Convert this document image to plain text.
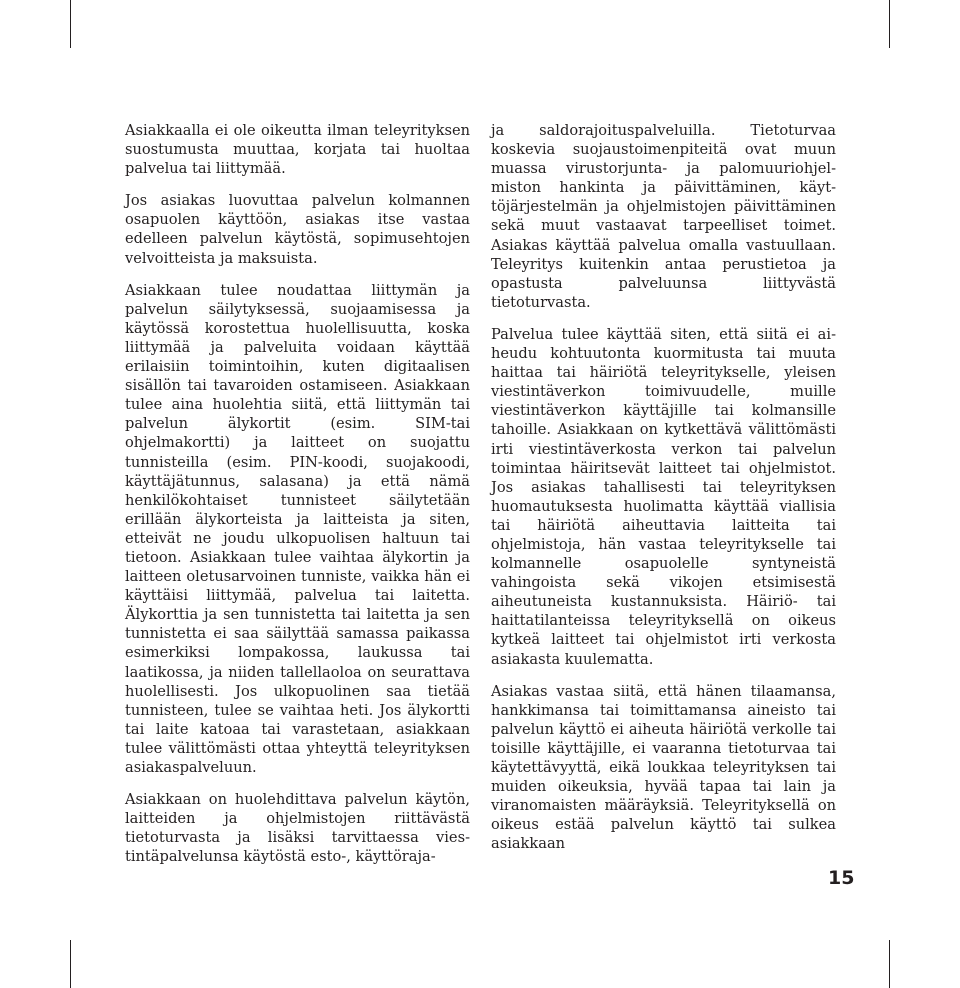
Asiakkaalla ei ole oikeutta ilman teleyrityksen suostumusta muuttaa, korjata tai huoltaa palvelua tai liittymää.

Jos asiakas luovuttaa palvelun kolmannen osapuolen käyttöön, asiakas itse vastaa edelleen palvelun käytöstä, sopimusehtojen velvoitteista ja maksuista.

Asiakkaan tulee noudattaa liittymän ja palvelun säilytyksessä, suojaamisessa ja käytössä korostettua huolellisuutta, koska liittymää ja palveluita voidaan käyttää erilaisiin toimintoihin, kuten digitaalisen sisällön tai tavaroiden ostamiseen. Asiakkaan tulee aina huolehtia siitä, että liittymän tai palvelun älykortit (esim. SIM-tai ohjelmakortti) ja laitteet on suojattu tunnisteilla (esim. PIN-koodi, suojakoodi, käyttäjätunnus, salasana) ja että nämä henkilökohtaiset tunnisteet säilytetään erillään älykorteista ja laitteista ja siten, etteivät ne joudu ulkopuolisen haltuun tai tietoon. Asiakkaan tulee vaihtaa älykortin ja laitteen oletusarvoinen tunniste, vaikka hän ei käyttäisi liittymää, palvelua tai laitetta. Älykorttia ja sen tunnistetta tai laitetta ja sen tunnistetta ei saa säilyttää samassa paikassa esimerkiksi lompakossa, laukussa tai laatikossa, ja niiden tallellaoloa on seurattava huolellisesti. Jos ulkopuolinen saa tietää tunnisteen, tulee se vaihtaa heti. Jos älykortti tai laite katoaa tai varastetaan, asiakkaan tulee välittömästi ottaa yhteyttä teleyrityksen asiakaspalveluun.

Asiakkaan on huolehdittava palvelun käytön, laitteiden ja ohjelmistojen riittävästä tietoturvasta ja lisäksi tarvittaessa viestintäpalvelunsa käytöstä esto-, käyttöraja-

ja saldorajoituspalveluilla. Tietoturvaa koskevia suojaustoimenpiteitä ovat muun muassa virustorjunta- ja palomuuriohjelmiston hankinta ja päivittäminen, käyttöjärjestelmän ja ohjelmistojen päivittäminen sekä muut vastaavat tarpeelliset toimet. Asiakas käyttää palvelua omalla vastuullaan. Teleyritys kuitenkin antaa perustietoa ja opastusta palveluunsa liittyvästä tietoturvasta.

Palvelua tulee käyttää siten, että siitä ei aiheudu kohtuutonta kuormitusta tai muuta haittaa tai häiriötä teleyritykselle, yleisen viestintäverkon toimivuudelle, muille viestintäverkon käyttäjille tai kolmansille tahoille. Asiakkaan on kytkettävä välittömästi irti viestintäverkosta verkon tai palvelun toimintaa häiritsevät laitteet tai ohjelmistot. Jos asiakas tahallisesti tai teleyrityksen huomautuksesta huolimatta käyttää viallisia tai häiriötä aiheuttavia laitteita tai ohjelmistoja, hän vastaa teleyritykselle tai kolmannelle osapuolelle syntyneistä vahingoista sekä vikojen etsimisestä aiheutuneista kustannuksista. Häiriö- tai haittatilanteissa teleyrityksellä on oikeus kytkeä laitteet tai ohjelmistot irti verkosta asiakasta kuulematta.

Asiakas vastaa siitä, että hänen tilaamansa, hankkimansa tai toimittamansa aineisto tai palvelun käyttö ei aiheuta häiriötä verkolle tai toisille käyttäjille, ei vaaranna tietoturvaa tai käytettävyyttä, eikä loukkaa teleyrityksen tai muiden oikeuksia, hyvää tapaa tai lain ja viranomaisten määräyksiä. Teleyrityksellä on oikeus estää palvelun käyttö tai sulkea asiakkaan

15
